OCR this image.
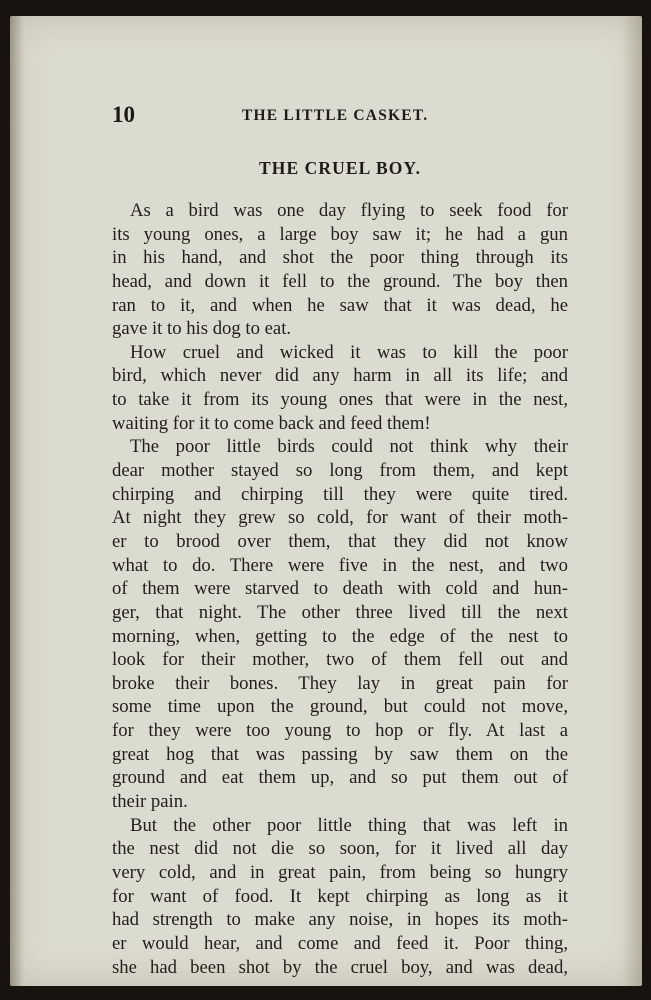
10	THE LITTLE CASKET.
THE CRUEL BOY.
As a bird was one day flying to seek food for
its young ones, a large boy saw it; he had a gun
in his hand, and shot the poor thing through its
head, and down it fell to the ground. The boy then
ran to it, and when he saw that it was dead, he
gave it to his dog to eat.
How cruel and wicked it was to kill the poor
bird, which never did any harm in all its life; and
to take it from its young ones that were in the nest,
waiting for it to come back and feed them!
The poor little birds could not think why their
dear mother stayed so long from them, and kept
chirping and chirping till they were quite tired.
At night they grew so cold, for want of their moth-
er to brood over them, that they did not know
what to do. There were five in the nest, and two
of them were starved to death with cold and hun-
ger, that night. The other three lived till the next
morning, when, getting to the edge of the nest to
look for their mother, two of them fell out and
broke their bones. They lay in great pain for
some time upon the ground, but could not move,
for they were too young to hop or fly. At last a
great hog that was passing by saw them on the
ground and eat them up, and so put them out of
their pain.
But the other poor little thing that was left in
the nest did not die so soon, for it lived all day
very cold, and in great pain, from being so hungry
for want of food. It kept chirping as long as it
had strength to make any noise, in hopes its moth-
er would hear, and come and feed it. Poor thing,
she had been shot by the cruel boy, and was dead,
